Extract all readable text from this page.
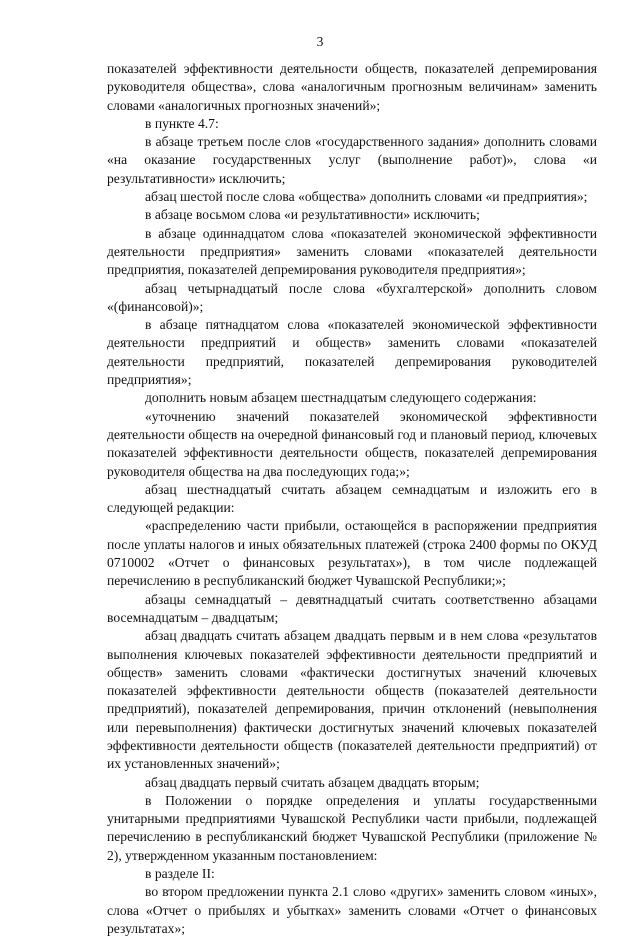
3

показателей эффективности деятельности обществ, показателей депремирования руководителя общества», слова «аналогичным прогнозным величинам» заменить словами «аналогичных прогнозных значений»;

в пункте 4.7:

в абзаце третьем после слов «государственного задания» дополнить словами «на оказание государственных услуг (выполнение работ)», слова «и результативности» исключить;

абзац шестой после слова «общества» дополнить словами «и предприятия»;

в абзаце восьмом слова «и результативности» исключить;

в абзаце одиннадцатом слова «показателей экономической эффективности деятельности предприятия» заменить словами «показателей деятельности предприятия, показателей депремирования руководителя предприятия»;

абзац четырнадцатый после слова «бухгалтерской» дополнить словом «(финансовой)»;

в абзаце пятнадцатом слова «показателей экономической эффективности деятельности предприятий и обществ» заменить словами «показателей деятельности предприятий, показателей депремирования руководителей предприятия»;

дополнить новым абзацем шестнадцатым следующего содержания:

«уточнению значений показателей экономической эффективности деятельности обществ на очередной финансовый год и плановый период, ключевых показателей эффективности деятельности обществ, показателей депремирования руководителя общества на два последующих года;»;

абзац шестнадцатый считать абзацем семнадцатым и изложить его в следующей редакции:

«распределению части прибыли, остающейся в распоряжении предприятия после уплаты налогов и иных обязательных платежей (строка 2400 формы по ОКУД 0710002 «Отчет о финансовых результатах»), в том числе подлежащей перечислению в республиканский бюджет Чувашской Республики;»;

абзацы семнадцатый – девятнадцатый считать соответственно абзацами восемнадцатым – двадцатым;

абзац двадцать считать абзацем двадцать первым и в нем слова «результатов выполнения ключевых показателей эффективности деятельности предприятий и обществ» заменить словами «фактически достигнутых значений ключевых показателей эффективности деятельности обществ (показателей деятельности предприятий), показателей депремирования, причин отклонений (невыполнения или перевыполнения) фактически достигнутых значений ключевых показателей эффективности деятельности обществ (показателей деятельности предприятий) от их установленных значений»;

абзац двадцать первый считать абзацем двадцать вторым;

в Положении о порядке определения и уплаты государственными унитарными предприятиями Чувашской Республики части прибыли, подлежащей перечислению в республиканский бюджет Чувашской Республики (приложение № 2), утвержденном указанным постановлением:

в разделе II:

во втором предложении пункта 2.1 слово «других» заменить словом «иных», слова «Отчет о прибылях и убытках» заменить словами «Отчет о финансовых результатах»;
